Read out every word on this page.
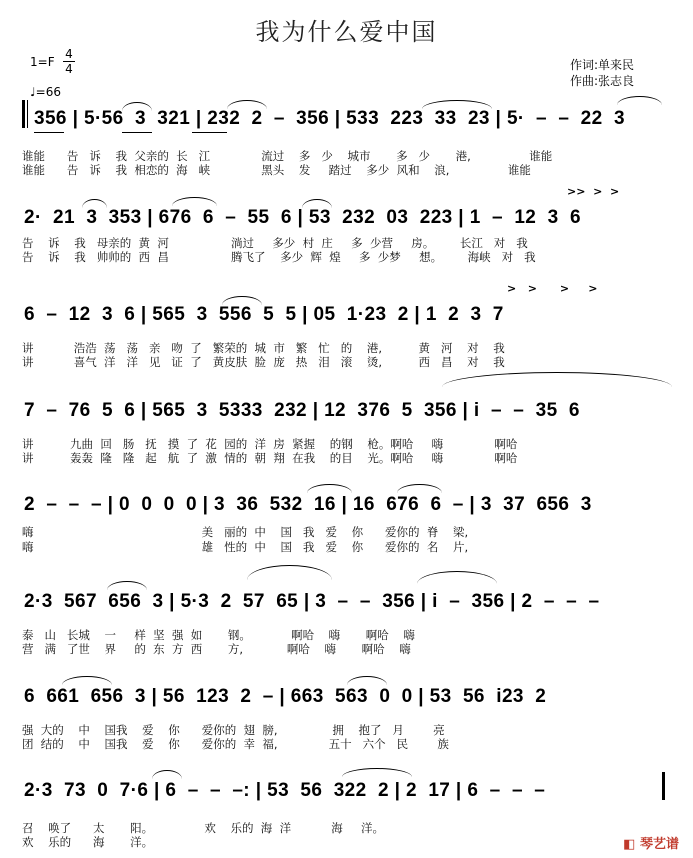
我为什么爱中国
1=F
4
4
♩=66
作词:单来民
作曲:张志良
356 | 5·56  3  321 | 232  2  –  356 | 533  223  33  23 | 5·  –  –  22  3
谁能      告   诉    我  父亲的  长   江              流过    多   少    城市       多   少       港,                谁能
谁能      告   诉    我  相恋的  海   峡              黑头    发     踏过    多少  风和    浪,                谁能
2·  21  3  353 | 676  6  –  55  6 | 53  232  03  223 | 1  –  12  3  6
>>  >  >
告    诉    我   母亲的  黄  河                 淌过     多少  村  庄     多  少营     房。       长江   对   我
告    诉    我   帅帅的  西  昌                 腾飞了    多少  辉  煌     多  少梦     想。       海峡   对   我
6  –  12  3  6 | 565  3  556  5  5 | 05  1·23  2 | 1  2  3  7
>   >      >     >
讲           浩浩  荡   荡   亲   吻  了   繁荣的  城  市   繁   忙   的    港,          黄   河    对    我
讲           喜气  洋   洋   见   证  了   黄皮肤  脸  庞   热   泪   滚    烫,          西   昌    对    我
7  –  76  5  6 | 565  3  5333  232 | 12  376  5  356 | i  –  –  35  6
讲          九曲  回   肠   抚   摸  了  花  园的  洋  房  紧握    的钢    枪。啊哈     嗨              啊哈
讲          轰轰  隆   隆   起   航  了  激  情的  朝  翔  在我    的目    光。啊哈     嗨              啊哈
2  –  –  – | 0  0  0  0 | 3  36  532  16 | 16  676  6  – | 3  37  656  3
嗨                                              美   丽的  中    国   我   爱    你      爱你的  脊    梁,
嗨                                              雄   性的  中    国   我   爱    你      爱你的  名    片,
2·3  567  656  3 | 5·3  2  57  65 | 3  –  –  356 | i  –  356 | 2  –  –  –
泰   山   长城    一     样  坚  强  如       钢。           啊哈    嗨       啊哈    嗨
营   满   了世    界     的  东  方  西       方,            啊哈    嗨       啊哈    嗨
6  661  656  3 | 56  123  2  – | 663  563  0  0 | 53  56  i23  2
强  大的    中    国我    爱    你      爱你的  翅  膀,               拥    抱了   月        亮
团  结的    中    国我    爱    你      爱你的  幸  福,              五十   六个   民        族
2·3  73  0  7·6 | 6  –  –  –: | 53  56  322  2 | 2  17 | 6  –  –  –
召    唤了      太       阳。              欢    乐的  海  洋           海     洋。
欢    乐的      海       洋。	◧ 琴艺谱
